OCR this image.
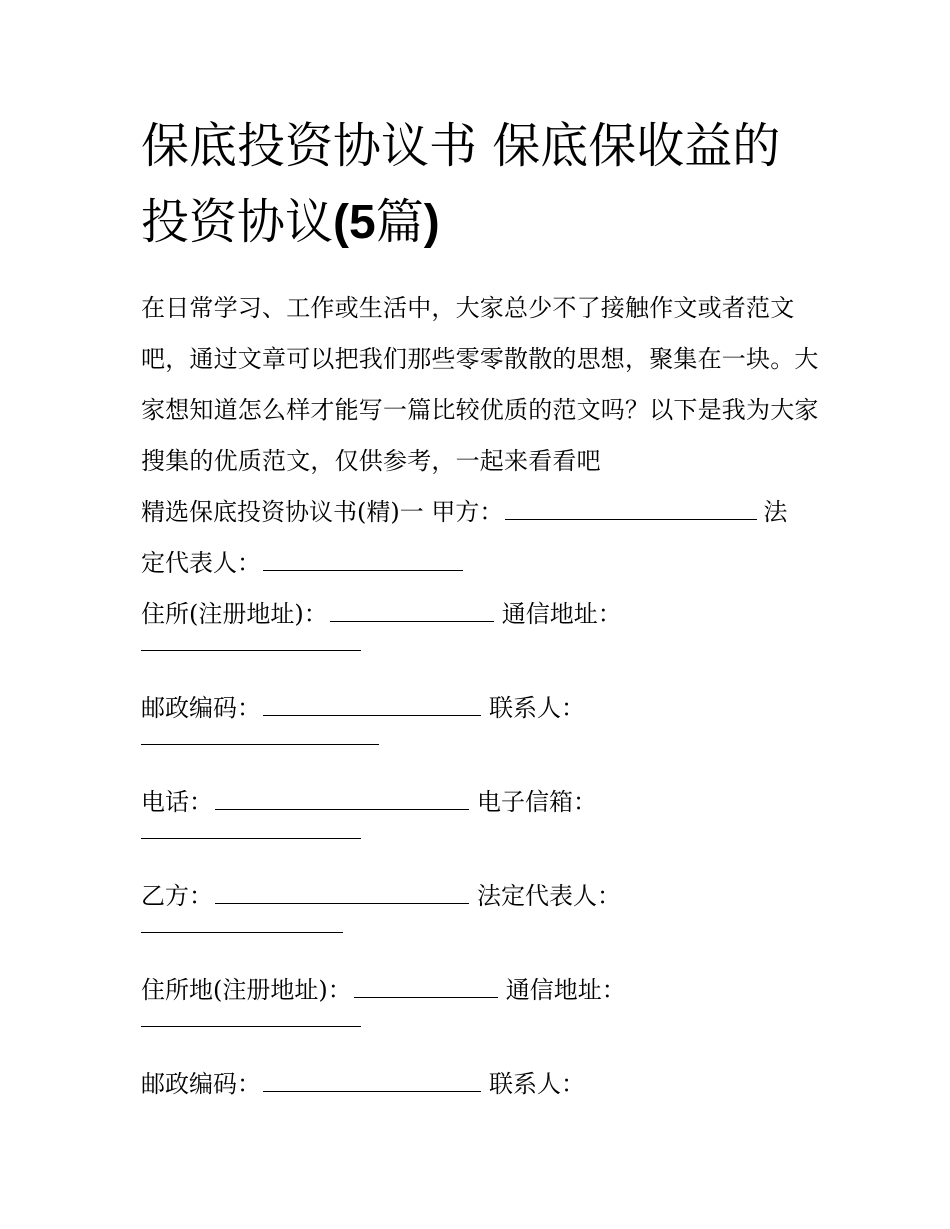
保底投资协议书 保底保收益的
投资协议(5篇)

在日常学习、工作或生活中，大家总少不了接触作文或者范文吧，通过文章可以把我们那些零零散散的思想，聚集在一块。大家想知道怎么样才能写一篇比较优质的范文吗？以下是我为大家搜集的优质范文，仅供参考，一起来看看吧

精选保底投资协议书(精)一 甲方：	法
定代表人：
住所(注册地址)：	通信地址：
邮政编码：	联系人：
电话：	电子信箱：
乙方：	法定代表人：
住所地(注册地址)：	通信地址：
邮政编码：	联系人：
